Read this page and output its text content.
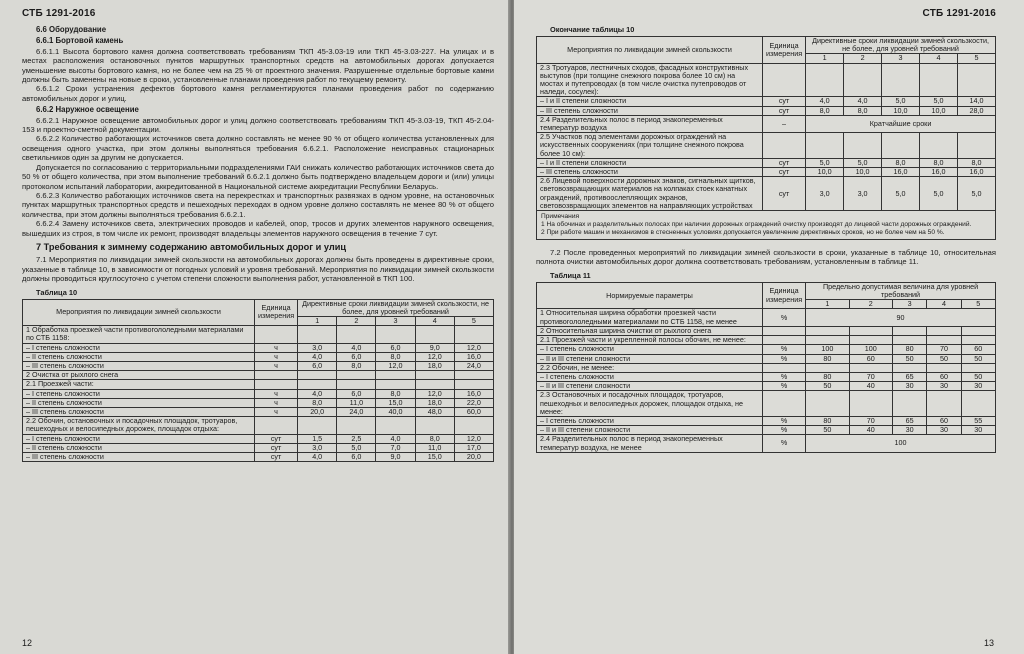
СТБ 1291-2016
6.6 Оборудование
6.6.1 Бортовой камень

6.6.1.1 Высота бортового камня должна соответствовать требованиям ТКП 45-3.03-19 или ТКП 45-3.03-227. На улицах и в местах расположения остановочных пунктов маршрутных транспортных средств на автомобильных дорогах допускается уменьшение высоты бортового камня, но не более чем на 25 % от проектного значения. Разрушенные отдельные бортовые камни должны быть заменены на новые в сроки, установленные планами проведения работ по текущему ремонту.

6.6.1.2 Сроки устранения дефектов бортового камня регламентируются планами проведения работ по содержанию автомобильных дорог и улиц.

6.6.2 Наружное освещение

6.6.2.1 Наружное освещение автомобильных дорог и улиц должно соответствовать требованиям ТКП 45-3.03-19, ТКП 45-2.04-153 и проектно-сметной документации.

6.6.2.2 Количество работающих источников света должно составлять не менее 90 % от общего количества установленных для освещения одного участка, при этом должны выполняться требования 6.6.2.1. Расположение неисправных стационарных светильников один за другим не допускается.

Допускается по согласованию с территориальными подразделениями ГАИ снижать количество работающих источников света до 50 % от общего количества, при этом выполнение требований 6.6.2.1 должно быть подтверждено владельцем дороги и (или) улицы протоколом испытаний лаборатории, аккредитованной в Национальной системе аккредитации Республики Беларусь.

6.6.2.3 Количество работающих источников света на перекрестках и транспортных развязках в одном уровне, на остановочных пунктах маршрутных транспортных средств и пешеходных переходах в одном уровне должно составлять не менее 80 % от общего количества, при этом должны выполняться требования 6.6.2.1.

6.6.2.4 Замену источников света, электрических проводов и кабелей, опор, тросов и других элементов наружного освещения, вышедших из строя, в том числе их ремонт, производят владельцы элементов наружного освещения в течение 7 сут.

7 Требования к зимнему содержанию автомобильных дорог и улиц

7.1 Мероприятия по ликвидации зимней скользкости на автомобильных дорогах должны быть проведены в директивные сроки, указанные в таблице 10, в зависимости от погодных условий и уровня требований. Мероприятия по ликвидации зимней скользкости должны проводиться круглосуточно с учетом степени сложности выполнения работ, установленной в ТКП 100.

Таблица 10
Мероприятия по ликвидации зимней скользкости	Единица измерения	Директивные сроки ликвидации зимней скользкости, не более, для уровней требований				
		1	2	3	4	5
1 Обработка проезжей части противогололедными материалами по СТБ 1158:						
– I степень сложности	ч	3,0	4,0	6,0	9,0	12,0
– II степень сложности	ч	4,0	6,0	8,0	12,0	16,0
– III степень сложности	ч	6,0	8,0	12,0	18,0	24,0
2 Очистка от рыхлого снега						
2.1 Проезжей части:						
– I степень сложности	ч	4,0	6,0	8,0	12,0	16,0
– II степень сложности	ч	8,0	11,0	15,0	18,0	22,0
– III степень сложности	ч	20,0	24,0	40,0	48,0	60,0
2.2 Обочин, остановочных и посадочных площадок, тротуаров, пешеходных и велосипедных дорожек, площадок отдыха:						
– I степень сложности	сут	1,5	2,5	4,0	8,0	12,0
– II степень сложности	сут	3,0	5,0	7,0	11,0	17,0
– III степень сложности	сут	4,0	6,0	9,0	15,0	20,0
12
СТБ 1291-2016
Окончание таблицы 10
Мероприятия по ликвидации зимней скользкости	Единица измерения	Директивные сроки ликвидации зимней скользкости, не более, для уровней требований				
		1	2	3	4	5
2.3 Тротуаров, лестничных сходов, фасадных конструктивных выступов (при толщине снежного покрова более 10 см) на мостах и путепроводах (в том числе очистка путепроводов от наледи, сосулек):						
– I и II степени сложности	сут	4,0	4,0	5,0	5,0	14,0
– III степень сложности	сут	8,0	8,0	10,0	10,0	28,0
2.4 Разделительных полос в период знакопеременных температур воздуха	–	Кратчайшие сроки				
2.5 Участков под элементами дорожных ограждений на искусственных сооружениях (при толщине снежного покрова более 10 см):						
– I и II степени сложности	сут	5,0	5,0	8,0	8,0	8,0
– III степень сложности	сут	10,0	10,0	16,0	16,0	16,0
2.6 Лицевой поверхности дорожных знаков, сигнальных щитков, световозвращающих материалов на колпаках стоек канатных ограждений, противоослепляющих экранов, световозвращающих элементов на направляющих устройствах	сут	3,0	3,0	5,0	5,0	5,0

Примечания
1 На обочинах и разделительных полосах при наличии дорожных ограждений очистку производят до лицевой части дорожных ограждений.
2 При работе машин и механизмов в стесненных условиях допускается увеличение директивных сроков, но не более чем на 50 %.						

7.2 После проведенных мероприятий по ликвидации зимней скользкости в сроки, указанные в таблице 10, относительная полнота очистки автомобильных дорог должна соответствовать требованиям, установленным в таблице 11.

Таблица 11
Нормируемые параметры	Единица измерения	Предельно допустимая величина для уровней требований				
		1	2	3	4	5
1 Относительная ширина обработки проезжей части противогололедными материалами по СТБ 1158, не менее	%	90				
2 Относительная ширина очистки от рыхлого снега						
2.1 Проезжей части и укрепленной полосы обочин, не менее:						
– I степень сложности	%	100	100	80	70	60
– II и III степени сложности	%	80	60	50	50	50
2.2 Обочин, не менее:						
– I степень сложности	%	80	70	65	60	50
– II и III степени сложности	%	50	40	30	30	30
2.3 Остановочных и посадочных площадок, тротуаров, пешеходных и велосипедных дорожек, площадок отдыха, не менее:						
– I степень сложности	%	80	70	65	60	55
– II и III степени сложности	%	50	40	30	30	30
2.4 Разделительных полос в период знакопеременных температур воздуха, не менее	%	100				
13
